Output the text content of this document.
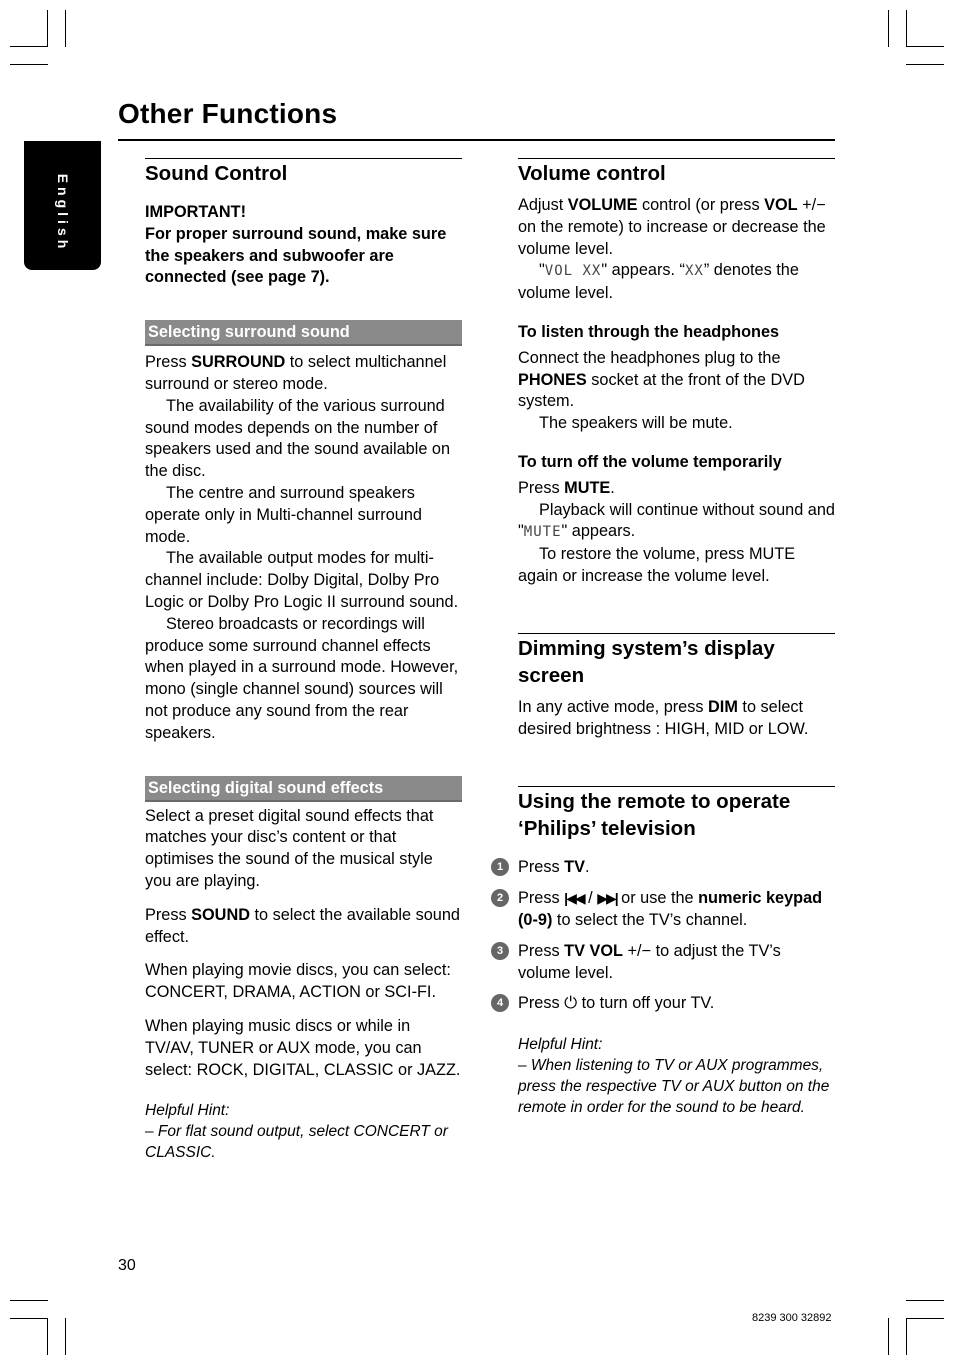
Other Functions
English
Sound Control

IMPORTANT!

For proper surround sound, make sure the speakers and subwoofer are connected (see page 7).

Selecting surround sound

Press SURROUND to select multichannel surround or stereo mode.

The availability of the various surround sound modes depends on the number of speakers used and the sound available on the disc.

The centre and surround speakers operate only in Multi-channel surround mode.

The available output modes for multi-channel include: Dolby Digital, Dolby Pro Logic or Dolby Pro Logic II surround sound.

Stereo broadcasts or recordings will produce some surround channel effects when played in a surround mode. However, mono (single channel sound) sources will not produce any sound from the rear speakers.

Selecting digital sound effects

Select a preset digital sound effects that matches your disc’s content or that optimises the sound of the musical style you are playing.

Press SOUND to select the available sound effect.

When playing movie discs, you can select: CONCERT, DRAMA, ACTION or SCI-FI.

When playing music discs or while in TV/AV, TUNER or AUX mode, you can select: ROCK, DIGITAL, CLASSIC or JAZZ.

Helpful Hint:

– For flat sound output, select CONCERT or CLASSIC.

Volume control

Adjust VOLUME control (or press VOL +/− on the remote) to increase or decrease the volume level.

"VOL XX" appears. “XX” denotes the volume level.

To listen through the headphones

Connect the headphones plug to the PHONES socket at the front of the DVD system.

The speakers will be mute.

To turn off the volume temporarily

Press MUTE.

Playback will continue without sound and "MUTE" appears.

To restore the volume, press MUTE again or increase the volume level.

Dimming system’s display screen

In any active mode, press DIM to select desired brightness : HIGH, MID or LOW.

Using the remote to operate ‘Philips’ television

1 Press TV.

2 Press |◀◀ / ▶▶| or use the numeric keypad (0-9) to select the TV’s channel.

3 Press TV VOL +/− to adjust the TV’s volume level.

4 Press ⏻ to turn off your TV.

Helpful Hint:

– When listening to TV or AUX programmes, press the respective TV or AUX button on the remote in order for the sound to be heard.

30
8239 300 32892
